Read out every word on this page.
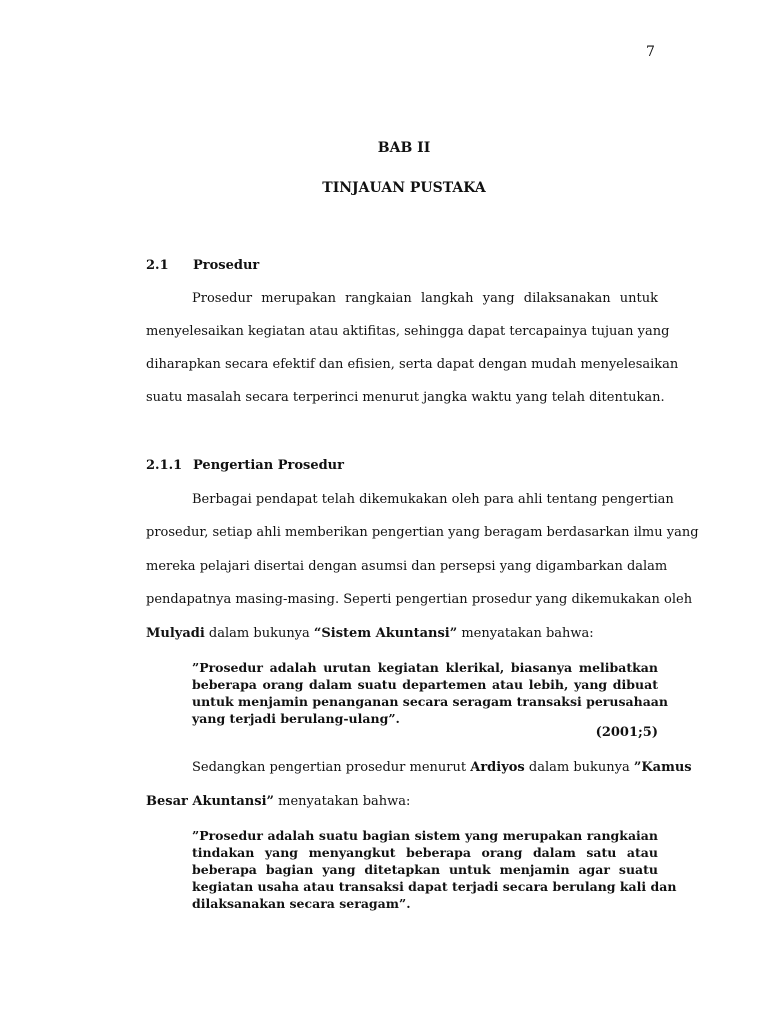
7
BAB II
TINJAUAN PUSTAKA
2.1 Prosedur
Prosedur merupakan rangkaian langkah yang dilaksanakan untuk
menyelesaikan kegiatan atau aktifitas, sehingga dapat tercapainya tujuan yang
diharapkan secara efektif dan efisien, serta dapat dengan mudah menyelesaikan
suatu masalah secara terperinci menurut jangka waktu yang telah ditentukan.
2.1.1 Pengertian Prosedur
Berbagai pendapat telah dikemukakan oleh para ahli tentang pengertian
prosedur, setiap ahli memberikan pengertian yang beragam berdasarkan ilmu yang
mereka pelajari disertai dengan asumsi dan persepsi yang digambarkan dalam
pendapatnya masing-masing. Seperti pengertian prosedur yang dikemukakan oleh
Mulyadi dalam bukunya “Sistem Akuntansi” menyatakan bahwa:
”Prosedur adalah urutan kegiatan klerikal, biasanya melibatkan
beberapa orang dalam suatu departemen atau lebih, yang dibuat
untuk menjamin penanganan secara seragam transaksi perusahaan
yang terjadi berulang-ulang”.
(2001;5)
Sedangkan pengertian prosedur menurut Ardiyos dalam bukunya ”Kamus
Besar Akuntansi” menyatakan bahwa:
”Prosedur adalah suatu bagian sistem yang merupakan rangkaian
tindakan yang menyangkut beberapa orang dalam satu atau
beberapa bagian yang ditetapkan untuk menjamin agar suatu
kegiatan usaha atau transaksi dapat terjadi secara berulang kali dan
dilaksanakan secara seragam”.
